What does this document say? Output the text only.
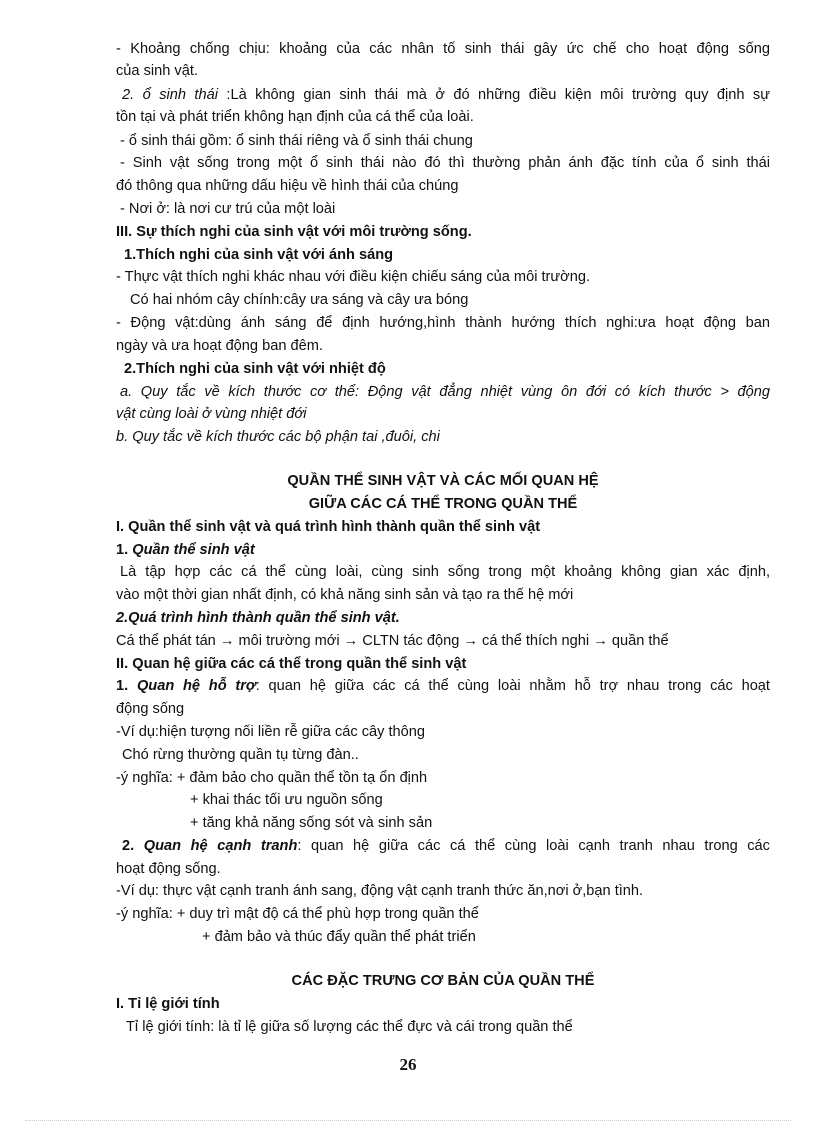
- Khoảng chống chịu: khoảng của các nhân tố sinh thái gây ức chế cho hoạt động sống
của sinh vật.
2. ổ sinh thái :Là không gian sinh thái mà ở đó những điều kiện môi trường quy định sự
tồn tại và phát triển không hạn định của cá thể của loài.
- ổ sinh thái gồm: ổ sinh thái riêng và ổ sinh thái chung
- Sinh vật sống trong một ổ sinh thái nào đó thì thường phản ánh đặc tính của ổ sinh thái
đó thông qua những dấu hiệu về hình thái của chúng
- Nơi ở: là nơi cư trú của một loài
III. Sự thích nghi của sinh vật với môi trường sống.
1.Thích nghi của sinh vật với ánh sáng
- Thực vật thích nghi khác nhau với điều kiện chiếu sáng của môi trường.
Có hai nhóm cây chính:cây ưa sáng và cây ưa bóng
- Động vật:dùng ánh sáng để định hướng,hình thành hướng thích nghi:ưa hoạt động ban
ngày và ưa hoạt động ban đêm.
2.Thích nghi của sinh vật với nhiệt độ
a. Quy tắc về kích thước cơ thể: Động vật đẳng nhiệt vùng ôn đới có kích thước > động
vật cùng loài ở vùng nhiệt đới
b. Quy tắc về kích thước các bộ phận tai ,đuôi, chi
QUẦN THỂ SINH VẬT VÀ CÁC MỐI QUAN HỆ
GIỮA CÁC CÁ THỂ TRONG QUẦN THỂ
I. Quần thể sinh vật và quá trình hình thành quần thể sinh vật
1. Quần thể sinh vật
Là tập hợp các cá thể cùng loài, cùng sinh sống trong một khoảng không gian xác định,
vào một thời gian nhất định, có khả năng sinh sản và tạo ra thế hệ mới
2.Quá trình hình thành quần thể sinh vật.
Cá thể phát tán → môi trường mới → CLTN tác động → cá thể thích nghi → quần thể
II. Quan hệ giữa các cá thể trong quần thể sinh vật
1. Quan hệ hỗ trợ: quan hệ giữa các cá thể cùng loài nhằm hỗ trợ nhau trong các hoạt
động sống
-Ví dụ:hiện tượng nối liền rễ giữa các cây thông
Chó rừng thường quần tụ từng đàn..
-ý nghĩa: + đảm bảo cho quần thể tồn tạ ổn định
+ khai thác tối ưu nguồn sống
+ tăng khả năng sống sót và sinh sản
2. Quan hệ cạnh tranh: quan hệ giữa các cá thể cùng loài cạnh tranh nhau trong các
hoạt động sống.
-Ví dụ: thực vật cạnh tranh ánh sang, động vật cạnh tranh thức ăn,nơi ở,bạn tình.
-ý nghĩa: + duy trì mật độ cá thể phù hợp trong quần thể
+ đảm bảo và thúc đẩy quần thể phát triển
CÁC ĐẶC TRƯNG CƠ BẢN CỦA QUẦN THỂ
I. Tỉ lệ giới tính
Tỉ lệ giới tính: là tỉ lệ giữa số lượng các thể đực và cái trong quần thể
26
